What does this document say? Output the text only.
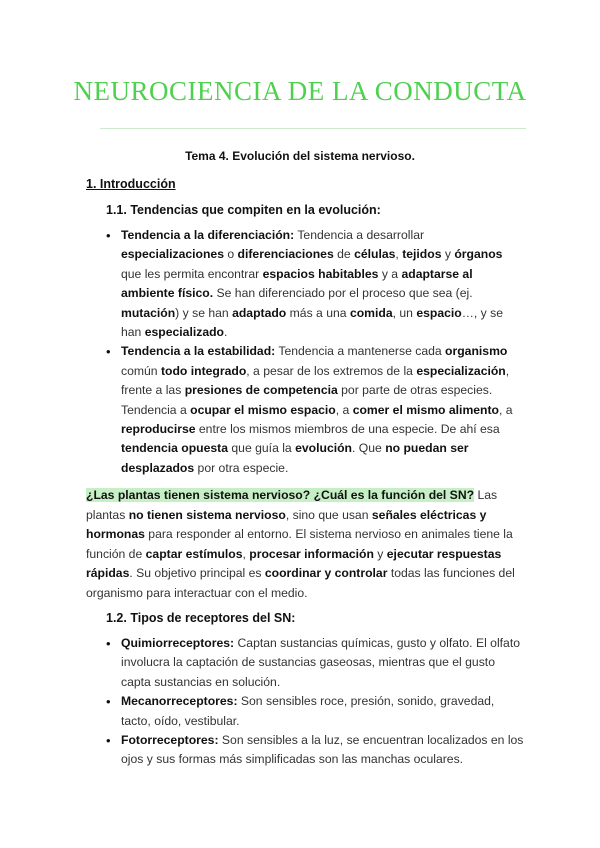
NEUROCIENCIA DE LA CONDUCTA
Tema 4. Evolución del sistema nervioso.
1. Introducción
1.1. Tendencias que compiten en la evolución:
• Tendencia a la diferenciación: Tendencia a desarrollar especializaciones o diferenciaciones de células, tejidos y órganos que les permita encontrar espacios habitables y a adaptarse al ambiente físico. Se han diferenciado por el proceso que sea (ej. mutación) y se han adaptado más a una comida, un espacio…, y se han especializado.
• Tendencia a la estabilidad: Tendencia a mantenerse cada organismo común todo integrado, a pesar de los extremos de la especialización, frente a las presiones de competencia por parte de otras especies. Tendencia a ocupar el mismo espacio, a comer el mismo alimento, a reproducirse entre los mismos miembros de una especie. De ahí esa tendencia opuesta que guía la evolución. Que no puedan ser desplazados por otra especie.
¿Las plantas tienen sistema nervioso? ¿Cuál es la función del SN? Las plantas no tienen sistema nervioso, sino que usan señales eléctricas y hormonas para responder al entorno. El sistema nervioso en animales tiene la función de captar estímulos, procesar información y ejecutar respuestas rápidas. Su objetivo principal es coordinar y controlar todas las funciones del organismo para interactuar con el medio.
1.2. Tipos de receptores del SN:
• Quimiorreceptores: Captan sustancias químicas, gusto y olfato. El olfato involucra la captación de sustancias gaseosas, mientras que el gusto capta sustancias en solución.
• Mecanorreceptores: Son sensibles roce, presión, sonido, gravedad, tacto, oído, vestibular.
• Fotorreceptores: Son sensibles a la luz, se encuentran localizados en los ojos y sus formas más simplificadas son las manchas oculares.
